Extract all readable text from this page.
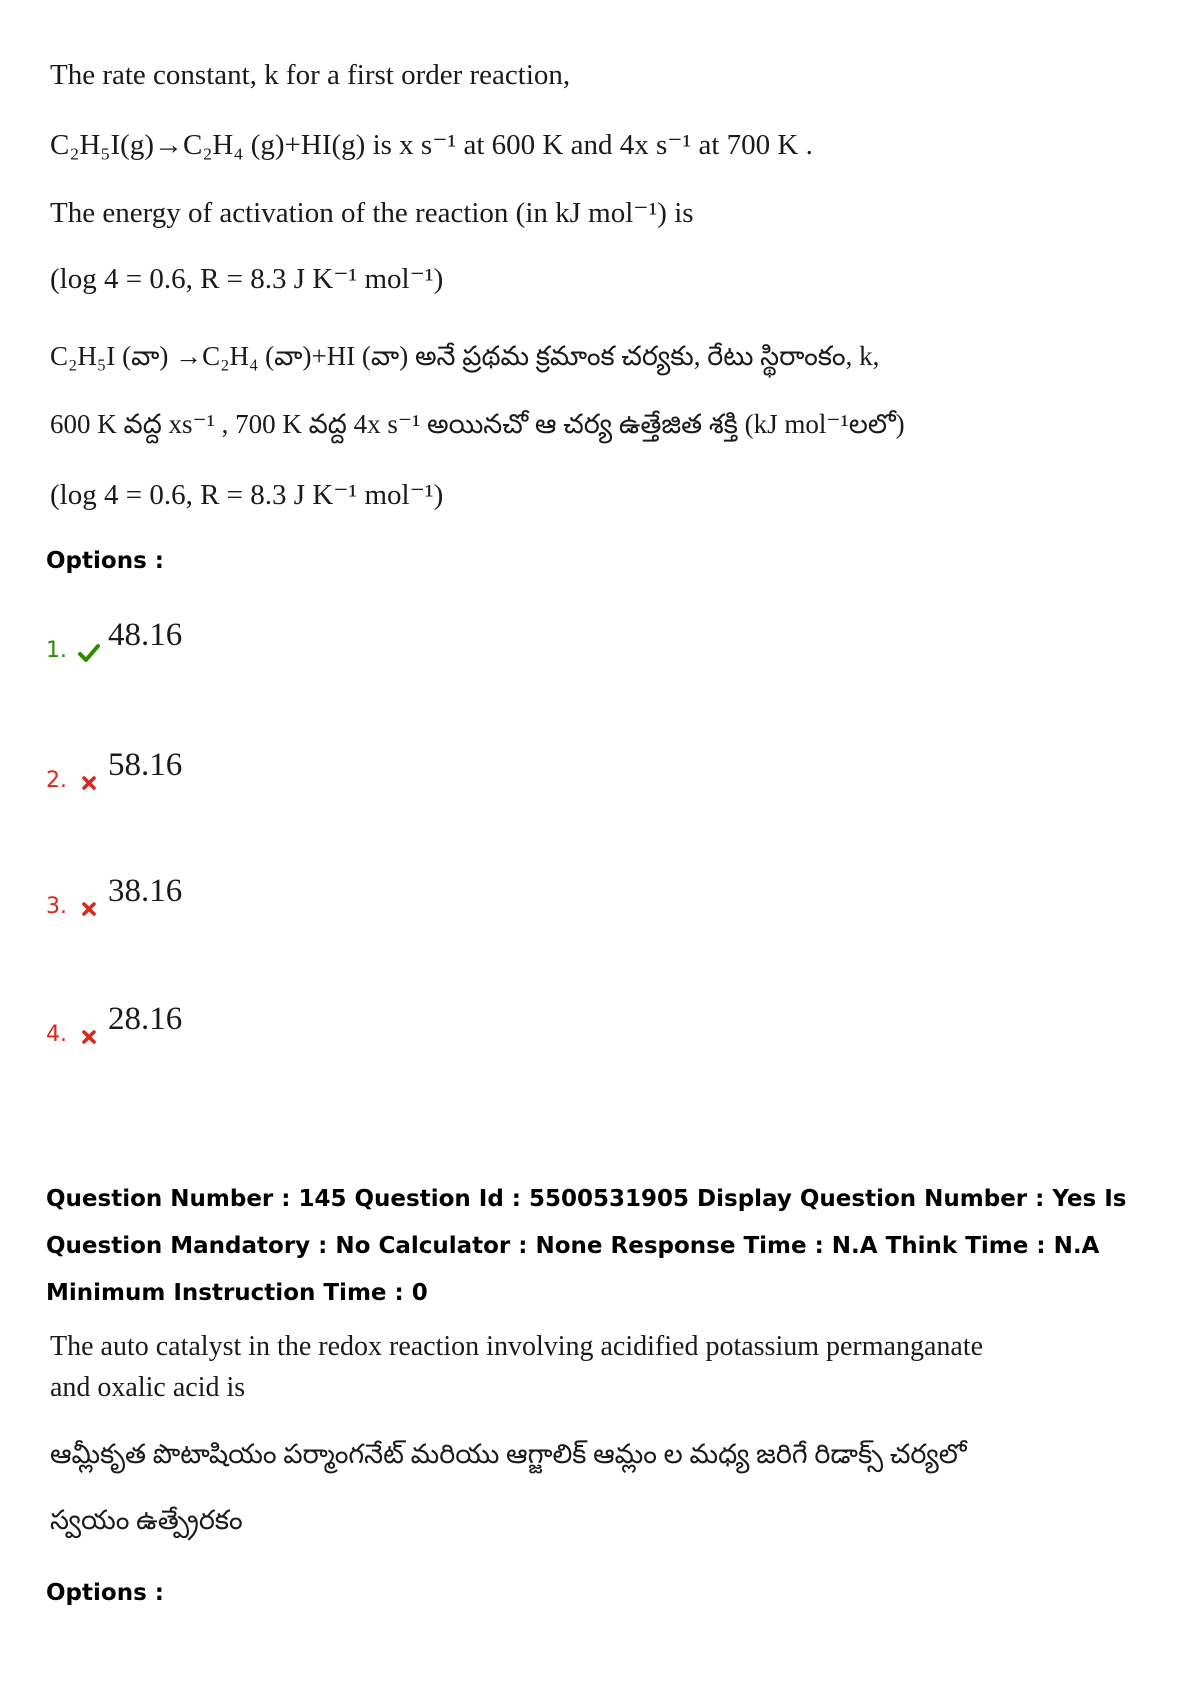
The rate constant, k for a first order reaction,
C₂H₅I(g)→C₂H₄ (g)+HI(g) is x s⁻¹ at 600 K and 4x s⁻¹ at 700 K .
The energy of activation of the reaction (in kJ mol⁻¹) is
(log 4 = 0.6, R = 8.3 J K⁻¹ mol⁻¹)
C₂H₅I (వా) →C₂H₄ (వా)+HI (వా) అనే ప్రథమ క్రమాంక చర్యకు, రేటు స్థిరాంకం, k,
600 K వద్ద xs⁻¹ , 700 K వద్ద 4x s⁻¹ అయినచో ఆ చర్య ఉత్తేజిత శక్తి (kJ mol⁻¹లలో)
(log 4 = 0.6, R = 8.3 J K⁻¹ mol⁻¹)
Options :
1. 48.16
2. 58.16
3. 38.16
4. 28.16
Question Number : 145 Question Id : 5500531905 Display Question Number : Yes Is Question Mandatory : No Calculator : None Response Time : N.A Think Time : N.A Minimum Instruction Time : 0
The auto catalyst in the redox reaction involving acidified potassium permanganate
and oxalic acid is
ఆమ్లీకృత పొటాషియం పర్మాంగనేట్ మరియు ఆగ్జాలిక్ ఆమ్లం ల మధ్య జరిగే రిడాక్స్ చర్యలో
స్వయం ఉత్ప్రేరకం
Options :
